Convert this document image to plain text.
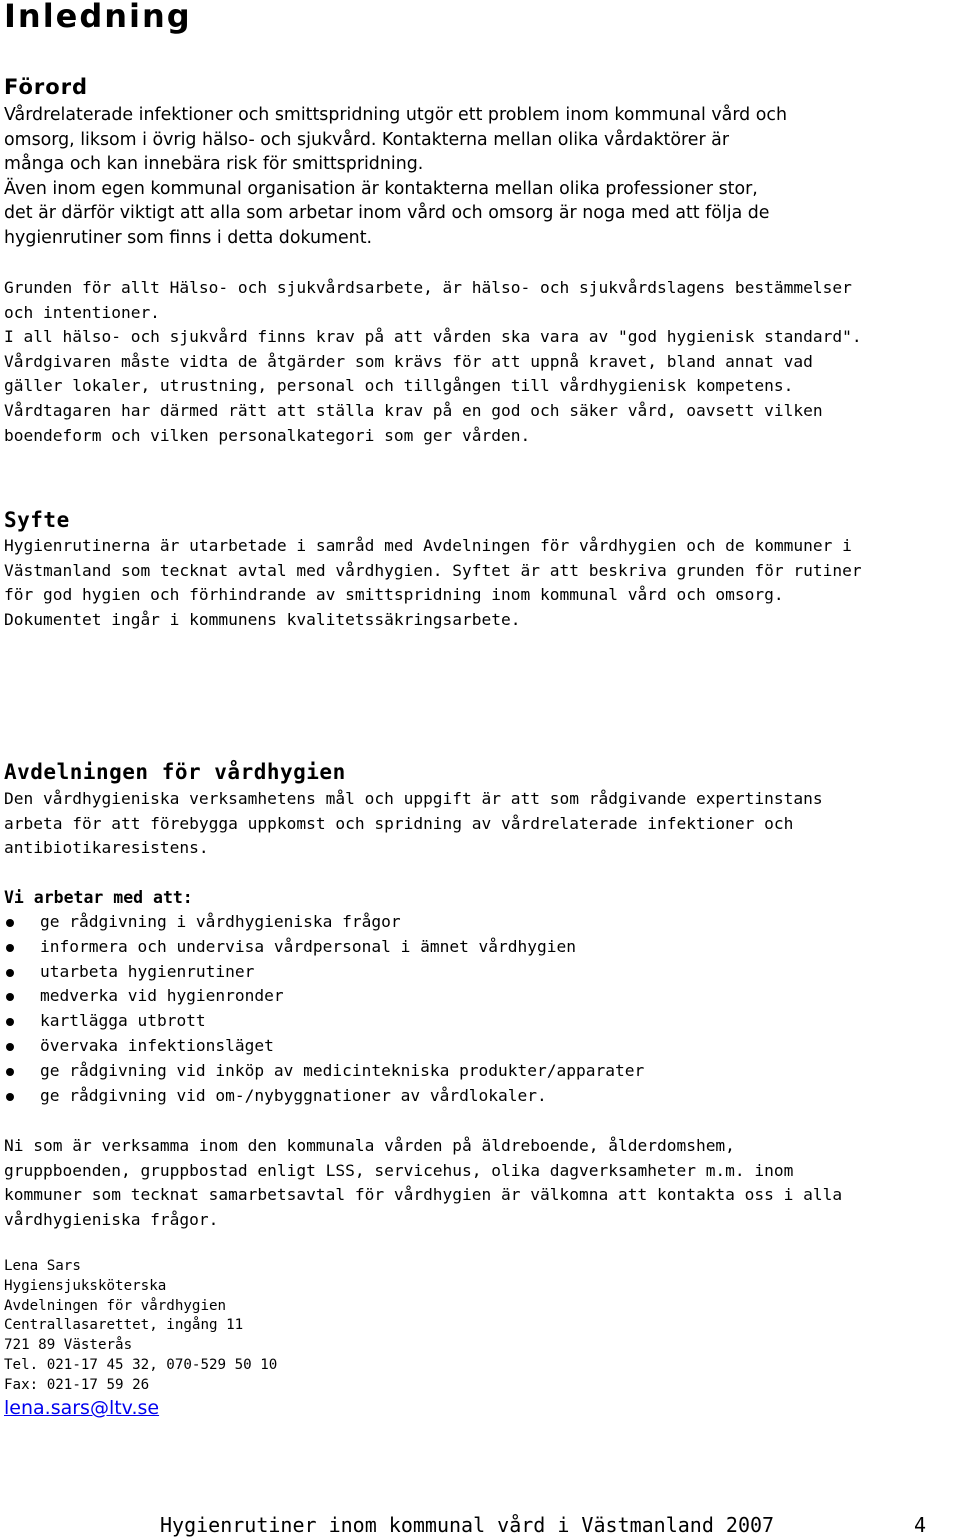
Inledning
Förord
Vårdrelaterade infektioner och smittspridning utgör ett problem inom kommunal vård och
omsorg, liksom i övrig hälso- och sjukvård. Kontakterna mellan olika vårdaktörer är
många och kan innebära risk för smittspridning.
Även inom egen kommunal organisation är kontakterna mellan olika professioner stor,
det är därför viktigt att alla som arbetar inom vård och omsorg är noga med att följa de
hygienrutiner som finns i detta dokument.
Grunden för allt Hälso- och sjukvårdsarbete, är hälso- och sjukvårdslagens bestämmelser
och intentioner.
I all hälso- och sjukvård finns krav på att vården ska vara av "god hygienisk standard".
Vårdgivaren måste vidta de åtgärder som krävs för att uppnå kravet, bland annat vad
gäller lokaler, utrustning, personal och tillgången till vårdhygienisk kompetens.
Vårdtagaren har därmed rätt att ställa krav på en god och säker vård, oavsett vilken
boendeform och vilken personalkategori som ger vården.
Syfte
Hygienrutinerna är utarbetade i samråd med Avdelningen för vårdhygien och de kommuner i
Västmanland som tecknat avtal med vårdhygien. Syftet är att beskriva grunden för rutiner
för god hygien och förhindrande av smittspridning inom kommunal vård och omsorg.
Dokumentet ingår i kommunens kvalitetssäkringsarbete.
Avdelningen för vårdhygien
Den vårdhygieniska verksamhetens mål och uppgift är att som rådgivande expertinstans
arbeta för att förebygga uppkomst och spridning av vårdrelaterade infektioner och
antibiotikaresistens.
Vi arbetar med att:
ge rådgivning i vårdhygieniska frågor
informera och undervisa vårdpersonal i ämnet vårdhygien
utarbeta hygienrutiner
medverka vid hygienronder
kartlägga utbrott
övervaka infektionsläget
ge rådgivning vid inköp av medicintekniska produkter/apparater
ge rådgivning vid om-/nybyggnationer av vårdlokaler.
Ni som är verksamma inom den kommunala vården på äldreboende, ålderdomshem,
gruppboenden, gruppbostad enligt LSS, servicehus, olika dagverksamheter m.m. inom
kommuner som tecknat samarbetsavtal för vårdhygien är välkomna att kontakta oss i alla
vårdhygieniska frågor.
Lena Sars
Hygiensjuksköterska
Avdelningen för vårdhygien
Centrallasarettet, ingång 11
721 89 Västerås
Tel. 021-17 45 32, 070-529 50 10
Fax: 021-17 59 26
lena.sars@ltv.se
Hygienrutiner inom kommunal vård i Västmanland 2007	4
